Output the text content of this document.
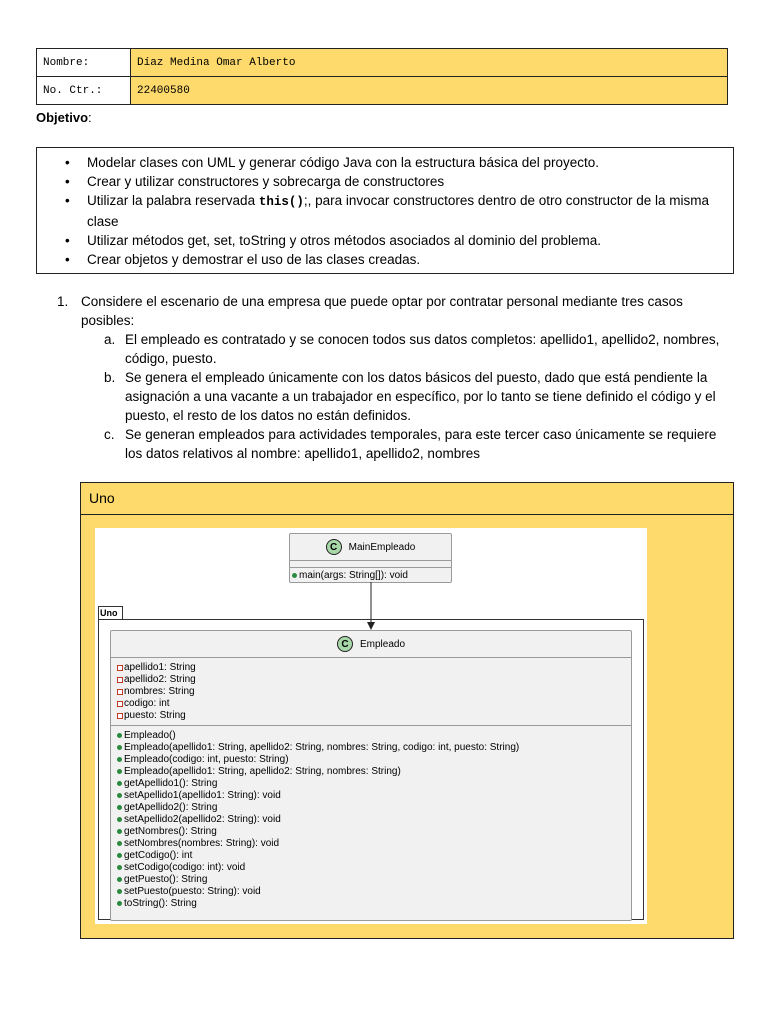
Nombre:	Díaz Medina Omar Alberto
No. Ctr.:	22400580
Objetivo:
• Modelar clases con UML y generar código Java con la estructura básica del proyecto.
• Crear y utilizar constructores y sobrecarga de constructores
• Utilizar la palabra reservada this();, para invocar constructores dentro de otro constructor de la misma clase
• Utilizar métodos get, set, toString y otros métodos asociados al dominio del problema.
• Crear objetos y demostrar el uso de las clases creadas.
1. Considere el escenario de una empresa que puede optar por contratar personal mediante tres casos posibles:
a. El empleado es contratado y se conocen todos sus datos completos: apellido1, apellido2, nombres, código, puesto.
b. Se genera el empleado únicamente con los datos básicos del puesto, dado que está pendiente la asignación a una vacante a un trabajador en específico, por lo tanto se tiene definido el código y el puesto, el resto de los datos no están definidos.
c. Se generan empleados para actividades temporales, para este tercer caso únicamente se requiere los datos relativos al nombre: apellido1, apellido2, nombres
Uno
C	MainEmpleado
main(args: String[]): void
Uno
C	Empleado
apellido1: String
apellido2: String
nombres: String
codigo: int
puesto: String
Empleado()
Empleado(apellido1: String, apellido2: String, nombres: String, codigo: int, puesto: String)
Empleado(codigo: int, puesto: String)
Empleado(apellido1: String, apellido2: String, nombres: String)
getApellido1(): String
setApellido1(apellido1: String): void
getApellido2(): String
setApellido2(apellido2: String): void
getNombres(): String
setNombres(nombres: String): void
getCodigo(): int
setCodigo(codigo: int): void
getPuesto(): String
setPuesto(puesto: String): void
toString(): String
